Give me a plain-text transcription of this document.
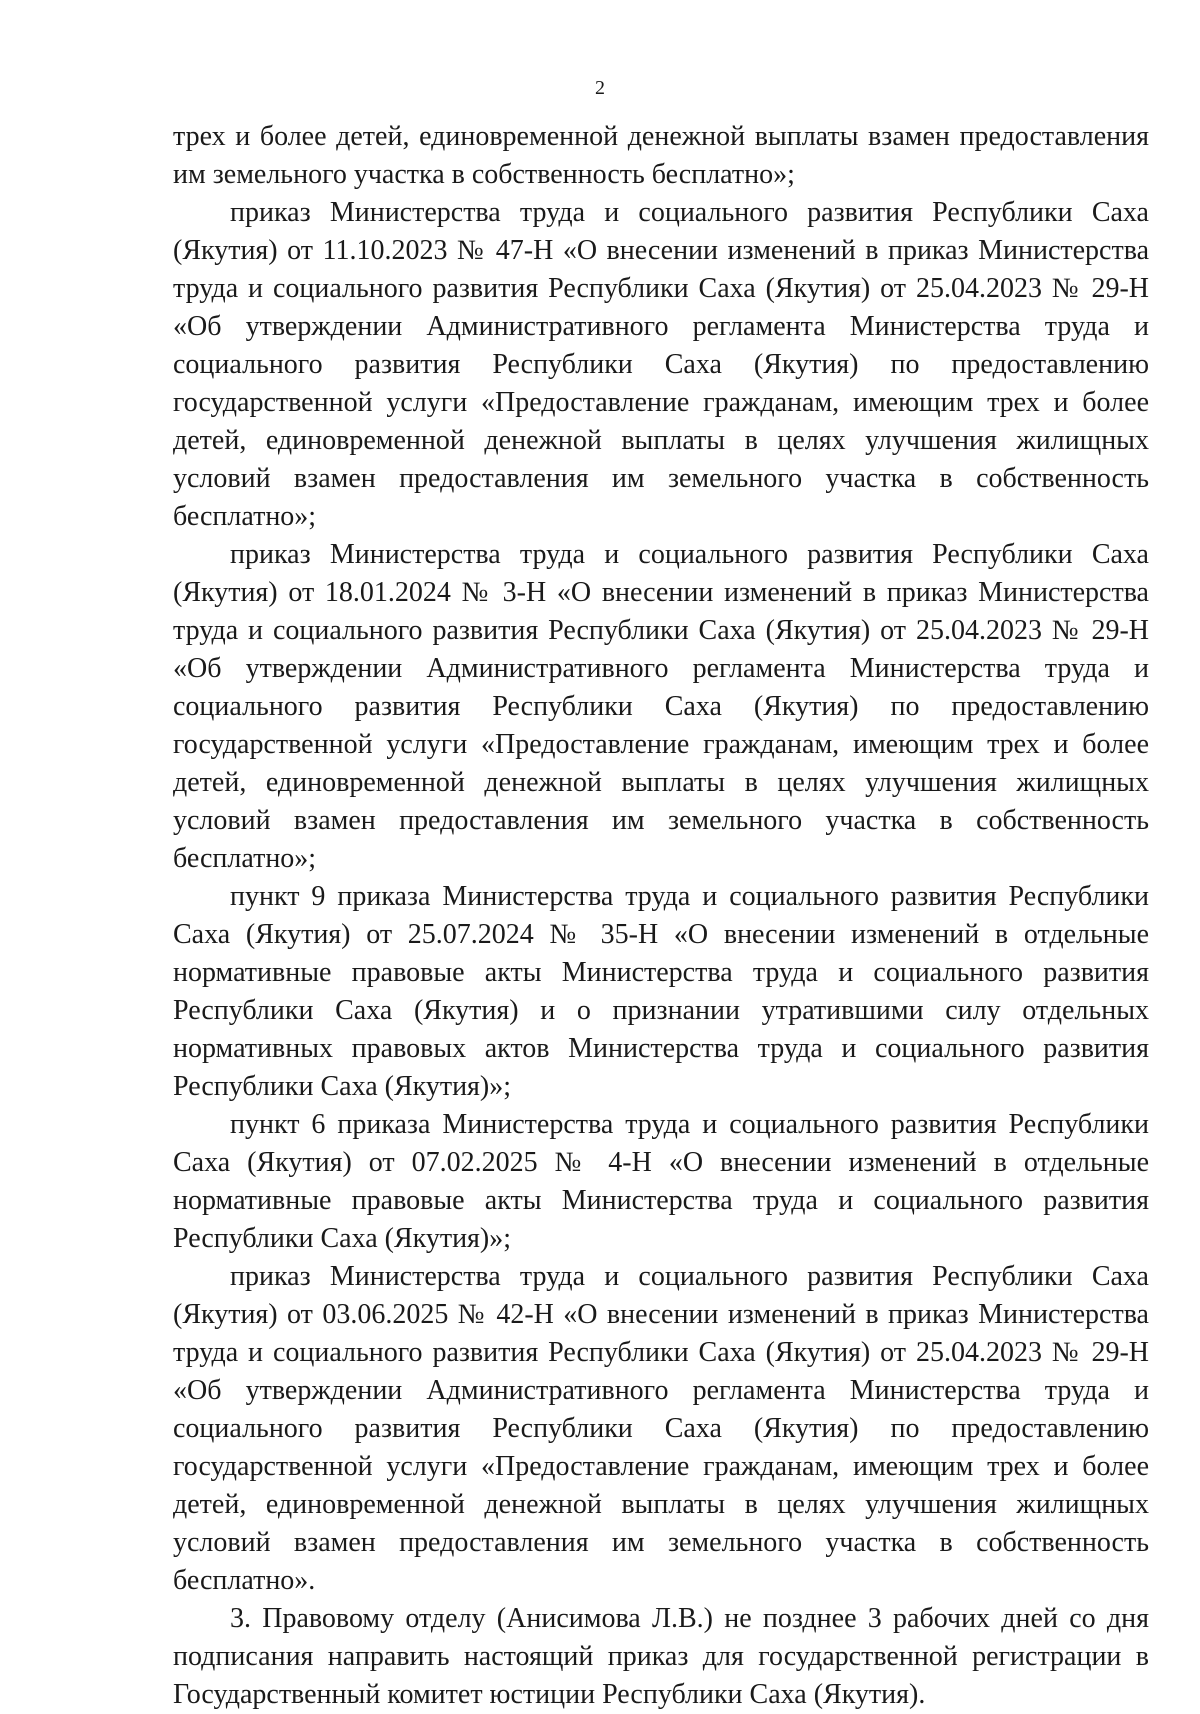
2

трех и более детей, единовременной денежной выплаты взамен предоставления им земельного участка в собственность бесплатно»;

приказ Министерства труда и социального развития Республики Саха (Якутия) от 11.10.2023 № 47-Н «О внесении изменений в приказ Министерства труда и социального развития Республики Саха (Якутия) от 25.04.2023 № 29-Н «Об утверждении Административного регламента Министерства труда и социального развития Республики Саха (Якутия) по предоставлению государственной услуги «Предоставление гражданам, имеющим трех и более детей, единовременной денежной выплаты в целях улучшения жилищных условий взамен предоставления им земельного участка в собственность бесплатно»;

приказ Министерства труда и социального развития Республики Саха (Якутия) от 18.01.2024 № 3-Н «О внесении изменений в приказ Министерства труда и социального развития Республики Саха (Якутия) от 25.04.2023 № 29-Н «Об утверждении Административного регламента Министерства труда и социального развития Республики Саха (Якутия) по предоставлению государственной услуги «Предоставление гражданам, имеющим трех и более детей, единовременной денежной выплаты в целях улучшения жилищных условий взамен предоставления им земельного участка в собственность бесплатно»;

пункт 9 приказа Министерства труда и социального развития Республики Саха (Якутия) от 25.07.2024 № 35-Н «О внесении изменений в отдельные нормативные правовые акты Министерства труда и социального развития Республики Саха (Якутия) и о признании утратившими силу отдельных нормативных правовых актов Министерства труда и социального развития Республики Саха (Якутия)»;

пункт 6 приказа Министерства труда и социального развития Республики Саха (Якутия) от 07.02.2025 № 4-Н «О внесении изменений в отдельные нормативные правовые акты Министерства труда и социального развития Республики Саха (Якутия)»;

приказ Министерства труда и социального развития Республики Саха (Якутия) от 03.06.2025 № 42-Н «О внесении изменений в приказ Министерства труда и социального развития Республики Саха (Якутия) от 25.04.2023 № 29-Н «Об утверждении Административного регламента Министерства труда и социального развития Республики Саха (Якутия) по предоставлению государственной услуги «Предоставление гражданам, имеющим трех и более детей, единовременной денежной выплаты в целях улучшения жилищных условий взамен предоставления им земельного участка в собственность бесплатно».

3. Правовому отделу (Анисимова Л.В.) не позднее 3 рабочих дней со дня подписания направить настоящий приказ для государственной регистрации в Государственный комитет юстиции Республики Саха (Якутия).
